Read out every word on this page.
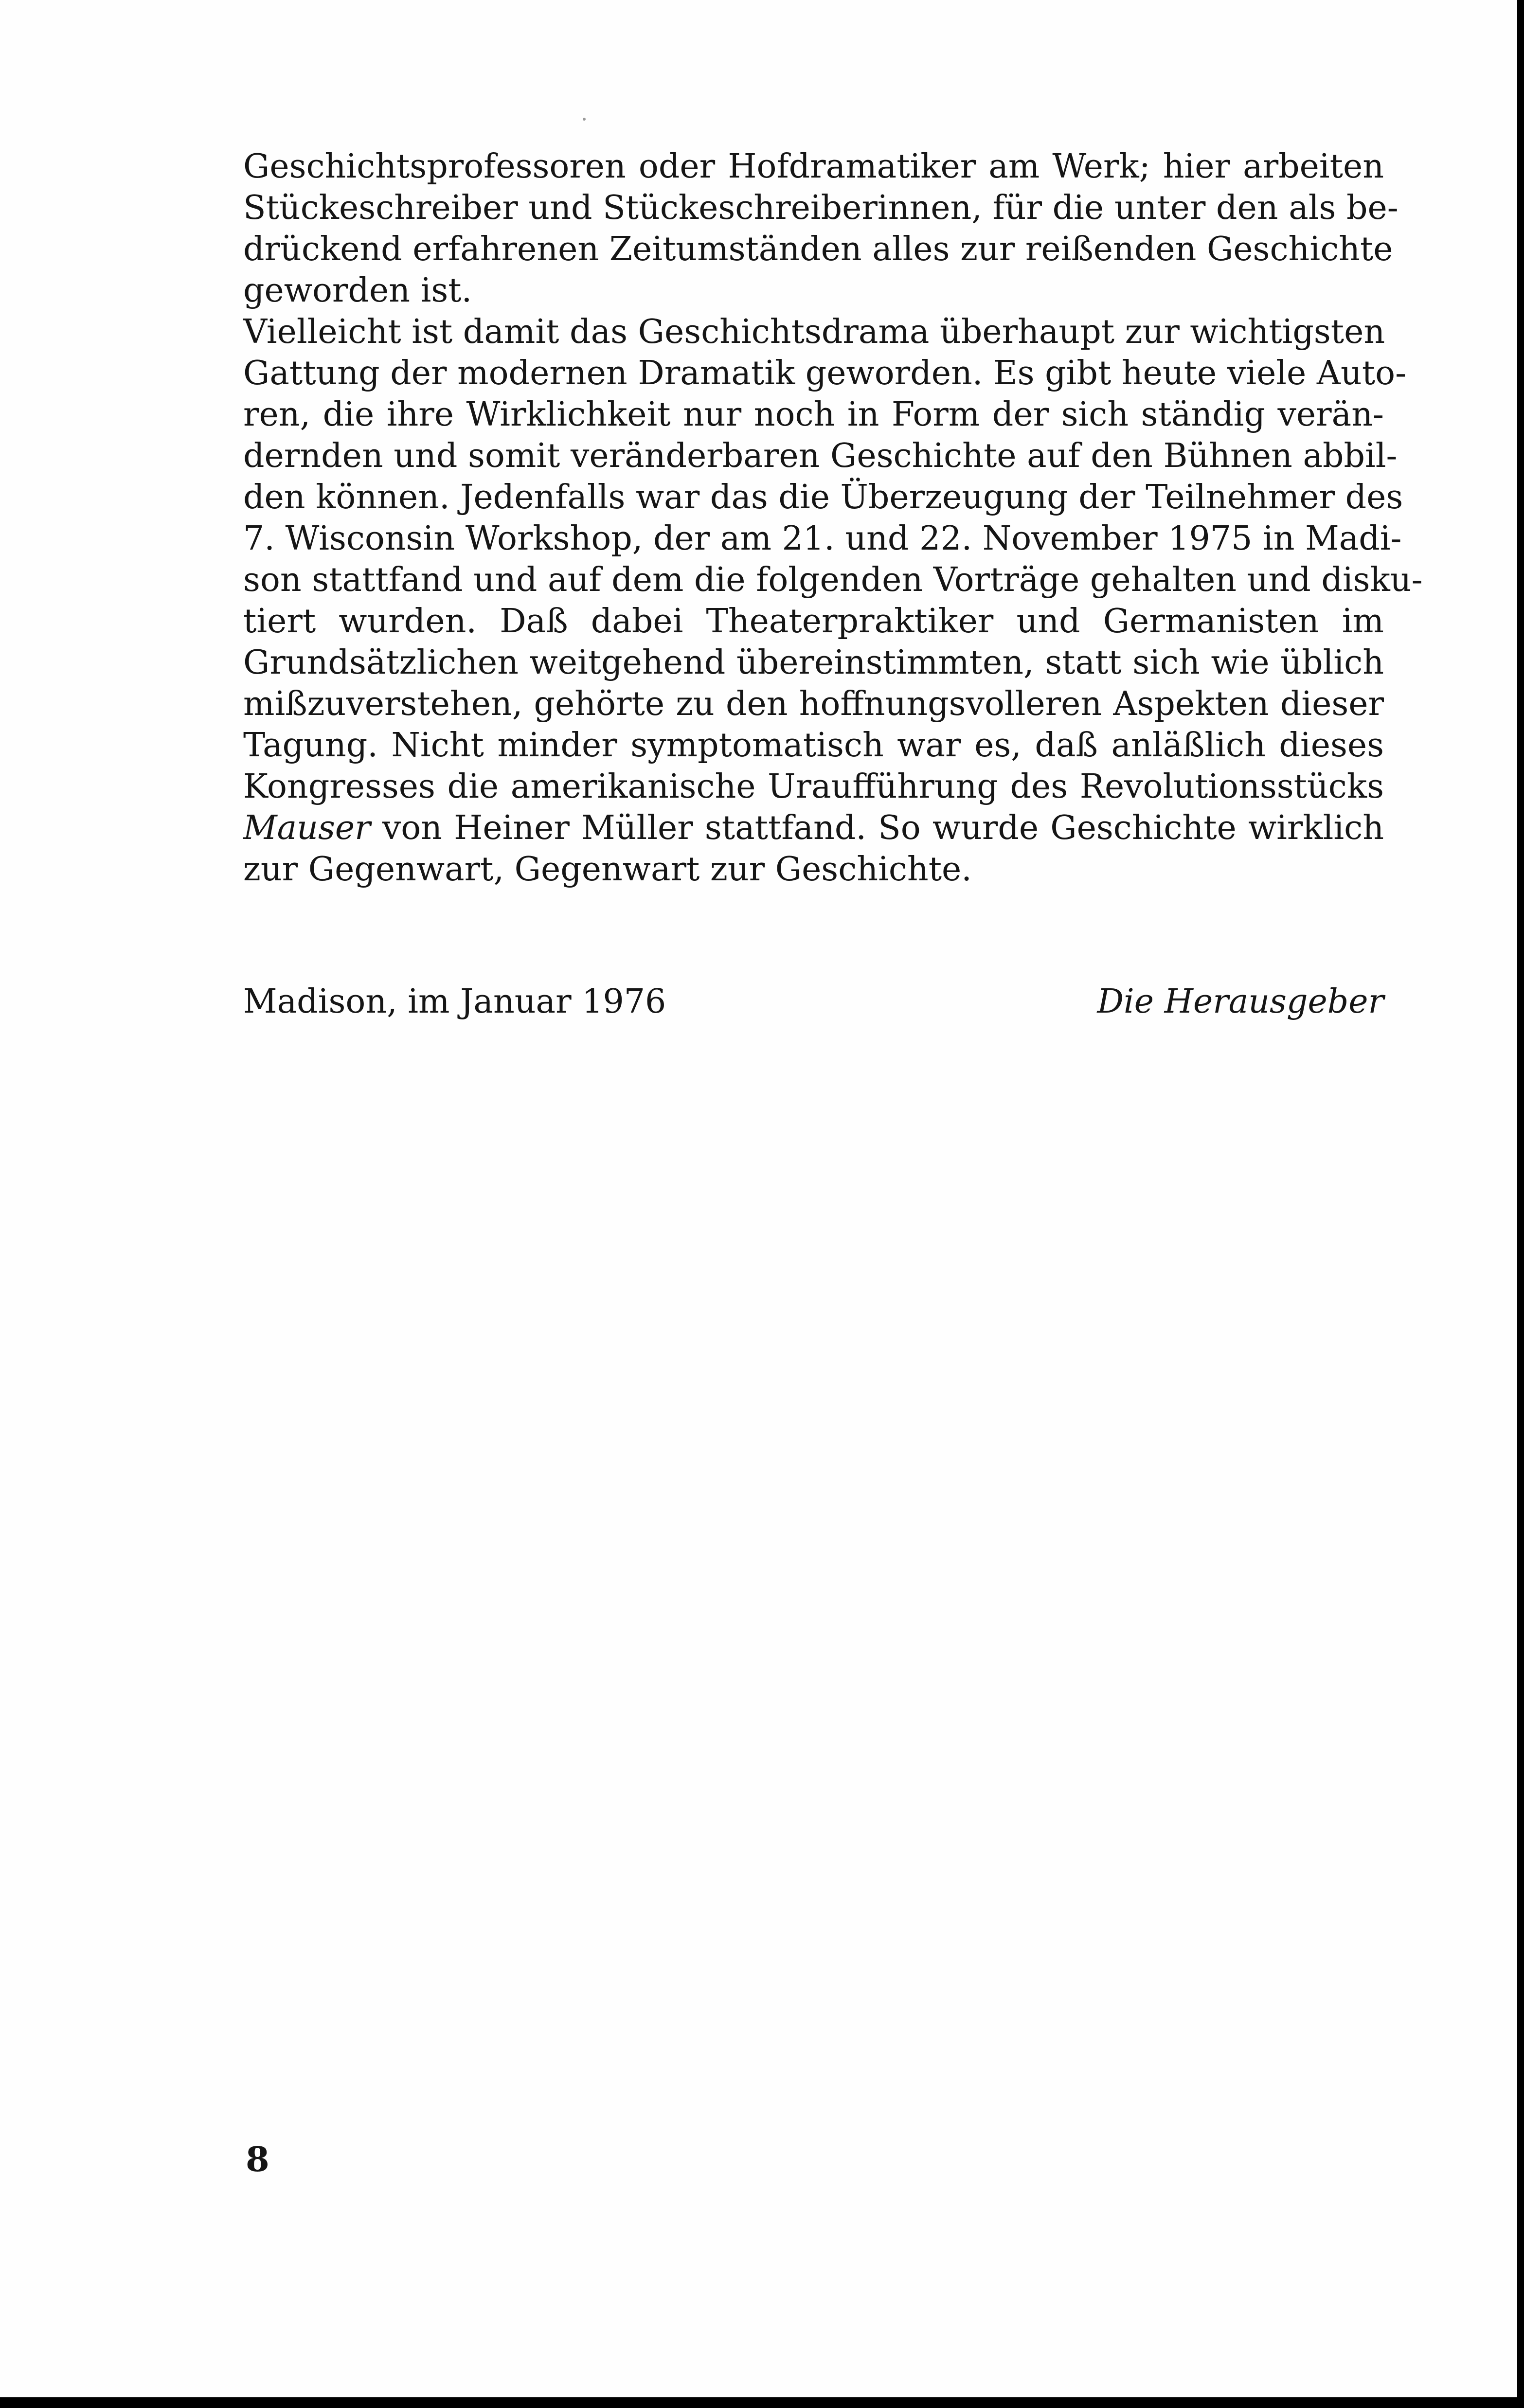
Geschichtsprofessoren oder Hofdramatiker am Werk; hier arbeiten

Stückeschreiber und Stückeschreiberinnen, für die unter den als be-

drückend erfahrenen Zeitumständen alles zur reißenden Geschichte

geworden ist.

Vielleicht ist damit das Geschichtsdrama überhaupt zur wichtigsten

Gattung der modernen Dramatik geworden. Es gibt heute viele Auto-

ren, die ihre Wirklichkeit nur noch in Form der sich ständig verän-

dernden und somit veränderbaren Geschichte auf den Bühnen abbil-

den können. Jedenfalls war das die Überzeugung der Teilnehmer des

7. Wisconsin Workshop, der am 21. und 22. November 1975 in Madi-

son stattfand und auf dem die folgenden Vorträge gehalten und disku-

tiert wurden. Daß dabei Theaterpraktiker und Germanisten im

Grundsätzlichen weitgehend übereinstimmten, statt sich wie üblich

mißzuverstehen, gehörte zu den hoffnungsvolleren Aspekten dieser

Tagung. Nicht minder symptomatisch war es, daß anläßlich dieses

Kongresses die amerikanische Uraufführung des Revolutionsstücks

Mauser von Heiner Müller stattfand. So wurde Geschichte wirklich

zur Gegenwart, Gegenwart zur Geschichte.

Madison, im Januar 1976	Die Herausgeber
8
